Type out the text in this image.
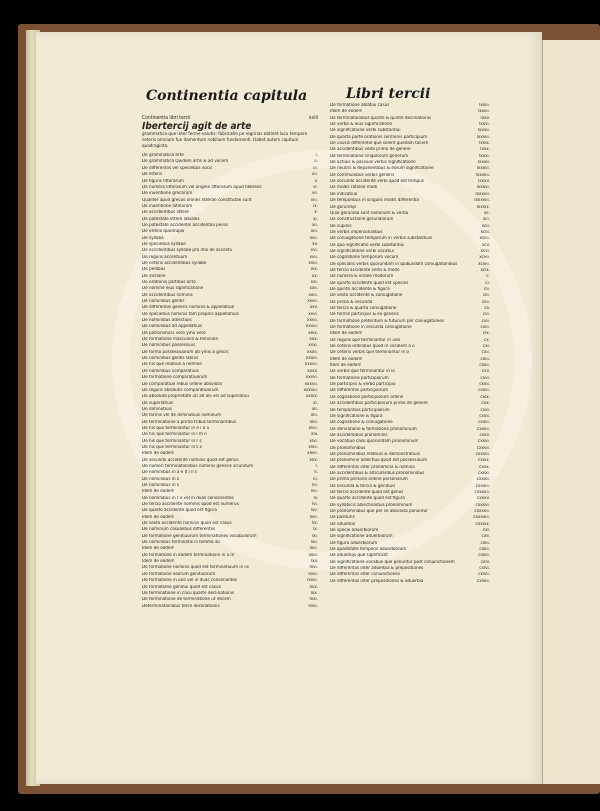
Continentia capitula	Libri tercii
Continentia libri tercii	xviii
Ibertercij agit de arte
grammatica que inter ferme volutis: fabricatio pe regrinas obtinet locu tempore ceteris omnium fun damentum nobilium fundamenti. Habet autem capitula quadraginta.
De grammatica arte	i.
De grammatica Quidem artis & ad vocem	ii.
De differentiis vel speciebus vocis	iii.
De litteris	iiii.
De figuris litterarum	v.
De numero litterarum vel origine litterarum apud hebreos	vi.
De inuentione grecarum	vii.
Qualiter apud grecos omnes litterae constitutae sunt	viii.
De inuentione latinarum	ix.
De accidentibus littere	x.
De potestate littere labiales	xi.
De potestate accidentis accidentali peina	xii.
De ordine quodruplo	xiii.
De syllaba	xiiii.
De speciebus syllabe	xv.
De accidentibus syllabe pro imo de accentu	xvi.
De regulis accentuum	xvii.
De ceteris accidentibus syllabe	xviii.
De pedibus	xix.
De dictione	xx.
De orationis partibus octo	xxi.
De nomine eius significatione	xxii.
De accidentibus nominis	xxiii.
De nominibus gentis	xxiiii.
De differentiis generis nominis & appellatiue	xxv.
De speciebus nominis tam propriis appellatiuis	xxvi.
De nominibus adiectiuis	xxvii.
De nominibus ad appellatiuis	xxviii.
De patronimicis vero ymo vero	xxix.
De formatione masculina & feminina	xxx.
De nominibus possessiuis	xxxi.
De forma possessiuorum ab ymis a grecis	xxxii.
De nominibus gentis latinis	xxxiii.
De his que relatiue a nemine	xxxiiii.
De nominibus comparatiuis	xxxv.
De formatione comparatiuorum	xxxvi.
De comparatiue rebus ordine absolutis	xxxvii.
De regulis absolutis comparatiuorum	xxxviii.
De absoluta proprietate uti ad alii vel ad superlatiui	xxxix.
De superlatiuis	xl.
De diminutiuis	xli.
De formis vel de diminutiuis nominum	xlii.
De terminatione a primo tribus terminantibus	xliii.
De his que terminantur in e i o u	xliiii.
De his que terminantur in l m n	xlv.
De his que terminantur in r s	xlvi.
De his que terminantur in t x	xlvii.
Idem de eodem	xlviii.
De secundo accidente nominis quod est genus	xlix.
De numeri terminationibus nominis generis sicundum	l.
De nominibus in a e d l n s	li.
De nominibus in o	lii.
De nominibus in s	liii.
Idem de eodem	liiii.
De nominibus in r x vel in duas consonantes	lv.
De tercio accidente nominis quod est numerus	lvi.
De quarto accidente quod est figura	lvii.
Idem de eodem	lviii.
De sexto accidente nominis quod est casus	lix.
De nominum casualibus differentiis	lx.
De formatione genitiuorum terminationes vocabulorum	lxi.
De nominibus terminatis in lemma ibi	lxii.
Idem de eodem	lxiii.
De formatione in eadem terminatione in a m	lxiiii.
Idem de eodem	lxv.
De formatione nominis quod est terminatiuum in iis	lxvi.
De formatione aliorum genitiuorum	lxvii.
De formatione in uno vel in duas consonantes	lxviii.
De formatione genitiui quod est casus	lxix.
De terminatione in casu quarte declinationis	lxx.
De terminatione de terminatione ut decem	lxxi.
Determinationibus terce declinationis	lxxii.
De formatione ablatiui casus	lxxiii.
Idem de eodem	lxxiiii.
De terminationibus quarte & quinte declinationis	lxxv.
De verbo & eius significatione	lxxvi.
De significatione verbi substantiui	lxxvii.
De quarta parte orationis sermonis participium	lxxviii.
De causis differentie que solent quedam tacere	lxxix.
De accidentibus verbi primo de genere	lxxx.
De terminatione singulorum generum	lxxxi.
De actiuis & passiuis verbis significatione	lxxxii.
De neutris & deponentibus & eorum significatione	lxxxiii.
De communibus verbis generis	lxxxiiii.
De secundo accidente verbi quod est tempus	lxxxv.
De modis ratione modi	lxxxvi.
De indicatiuo	lxxxvii.
De temporibus in singulis modis differentia	lxxxviii.
De gerundijs	lxxxix.
Quia gerundia sunt nominum & verba	xc.
De constructione gerundiorum	xci.
De supinis	xcii.
De verbis impersonalibus	xciii.
De coniugatione temporum in verbis substantiuis	xciiii.
De quo significatio verbi substantiui	xcv.
De significatione verbi vocatiui	xcvi.
De cognatione temporum vocum	xcvii.
De specialis verbis quorundam in quibusdam coniugationibus	xcviii.
De tercio accidente verbi & modo	xcix.
De numero & ordine modorum	c.
De quarto accidente quod est species	ci.
De quinto accidente & figura	cii.
De sexto accidente & coniugatione	ciii.
De prima & secunda	ciiii.
De tercia & quarta coniugatione	cv.
De formis participiis & ex generis	cvi.
De formatione preteritum & futurum per coniugationes	cvii.
De formatione in secunda coniugatione	cviii.
Idem de eodem	cix.
De regulis que terminantur in ueo	cx.
De ceteris ordinibus quod in vocalem a o	cxi.
De ceteris verbis que terminantur in o	cxii.
Idem de eodem	cxiii.
Item de eodem	cxiiii.
De verbis que terminantur in io	cxv.
De formatione participiorum	cxvi.
De participiis & verbo participio	cxvii.
De differentiis participiorum	cxviii.
De cognatione participiorum ordine	cxix.
De accidentibus participiorum primo de genere	cxx.
De temporibus participiorum	cxxi.
De significatione & figura	cxxii.
De cognatione & coniugatione	cxxiii.
De derivatione & formatione pronominum	cxxiiii.
De accidentibus pronominis	cxxv.
De vocatiuo casu quorundam pronominum	cxxvi.
De pronominibus	cxxvii.
De pronominibus relatiuis & demonstratiuis	cxxviii.
De pronomine adiectiuo quod est possessiuum	cxxix.
De differentiis inter pronomina & nomina	cxxx.
De accidentibus & articularibus pronominibus	cxxxi.
De prima persona ordine personarum	cxxxii.
De secunda & tercia & genitiuis	cxxxiii.
De tercio accidente quod est genus	cxxxiiii.
De quarto accidente quod est figura	cxxxv.
De syllabicis adiectionibus pronominum	cxxxvi.
De pronominibus que per se absoluta ponuntur	cxxxvii.
De posituris	cxxxviii.
De aduerbio	cxxxix.
De specie aduerbiorum	cxl.
De significatione aduerbiorum	cxli.
De figura aduerbiorum	cxlii.
De quantitate temporis aduerbiorum	cxliii.
De aduerbijs que significant	cxliiii.
De significatione vocabuli que ponuntur post conjunctionem	cxlv.
De differentiis inter aduerbia & prepositiones	cxlvi.
De differentiis inter coniunctiones	cxlvii.
De differentiis inter prepositiones & aduerbia	cxlviii.
